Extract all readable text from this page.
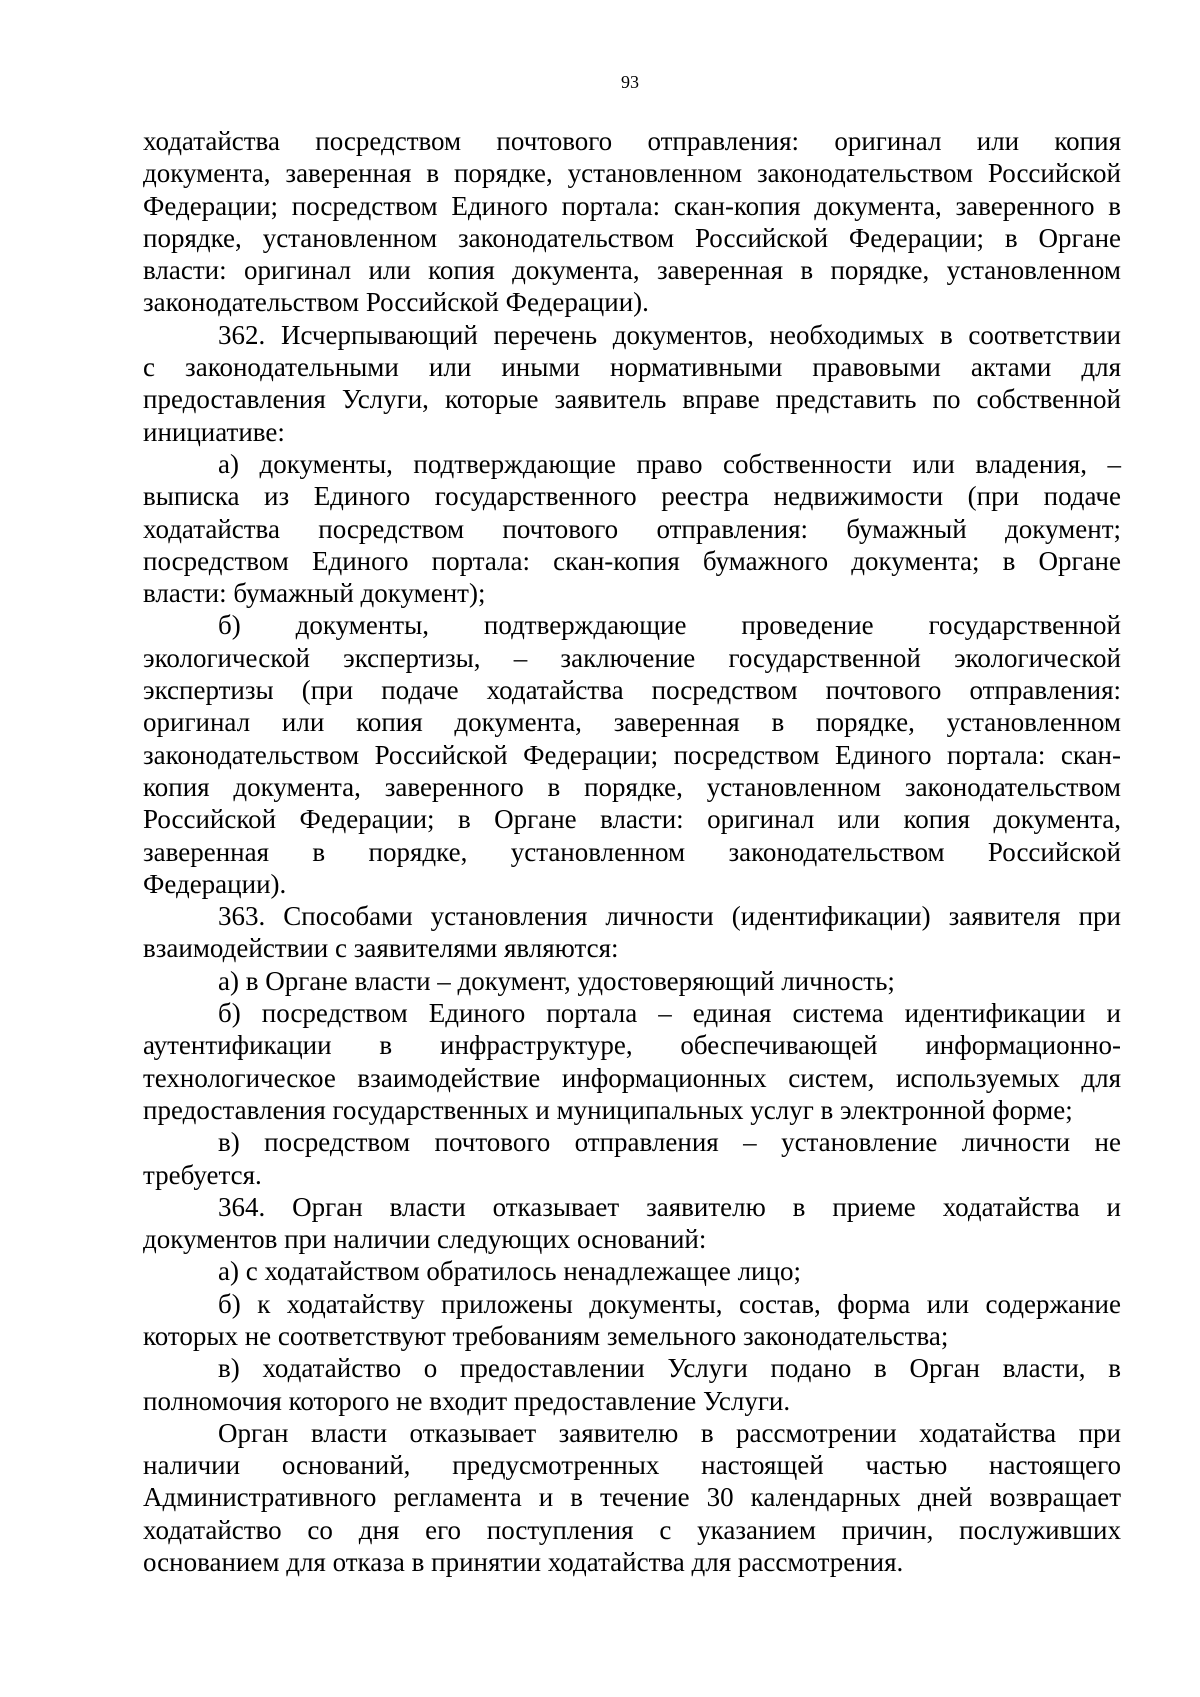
93
ходатайства посредством почтового отправления: оригинал или копия
документа, заверенная в порядке, установленном законодательством Российской
Федерации; посредством Единого портала: скан-копия документа, заверенного в
порядке, установленном законодательством Российской Федерации; в Органе
власти: оригинал или копия документа, заверенная в порядке, установленном
законодательством Российской Федерации).
362. Исчерпывающий перечень документов, необходимых в соответствии
с законодательными или иными нормативными правовыми актами для
предоставления Услуги, которые заявитель вправе представить по собственной
инициативе:
а) документы, подтверждающие право собственности или владения, –
выписка из Единого государственного реестра недвижимости (при подаче
ходатайства посредством почтового отправления: бумажный документ;
посредством Единого портала: скан-копия бумажного документа; в Органе
власти: бумажный документ);
б) документы, подтверждающие проведение государственной
экологической экспертизы, – заключение государственной экологической
экспертизы (при подаче ходатайства посредством почтового отправления:
оригинал или копия документа, заверенная в порядке, установленном
законодательством Российской Федерации; посредством Единого портала: скан-
копия документа, заверенного в порядке, установленном законодательством
Российской Федерации; в Органе власти: оригинал или копия документа,
заверенная в порядке, установленном законодательством Российской
Федерации).
363. Способами установления личности (идентификации) заявителя при
взаимодействии с заявителями являются:
а) в Органе власти – документ, удостоверяющий личность;
б) посредством Единого портала – единая система идентификации и
аутентификации в инфраструктуре, обеспечивающей информационно-
технологическое взаимодействие информационных систем, используемых для
предоставления государственных и муниципальных услуг в электронной форме;
в) посредством почтового отправления – установление личности не
требуется.
364. Орган власти отказывает заявителю в приеме ходатайства и
документов при наличии следующих оснований:
а) с ходатайством обратилось ненадлежащее лицо;
б) к ходатайству приложены документы, состав, форма или содержание
которых не соответствуют требованиям земельного законодательства;
в) ходатайство о предоставлении Услуги подано в Орган власти, в
полномочия которого не входит предоставление Услуги.
Орган власти отказывает заявителю в рассмотрении ходатайства при
наличии оснований, предусмотренных настоящей частью настоящего
Административного регламента и в течение 30 календарных дней возвращает
ходатайство со дня его поступления с указанием причин, послуживших
основанием для отказа в принятии ходатайства для рассмотрения.
